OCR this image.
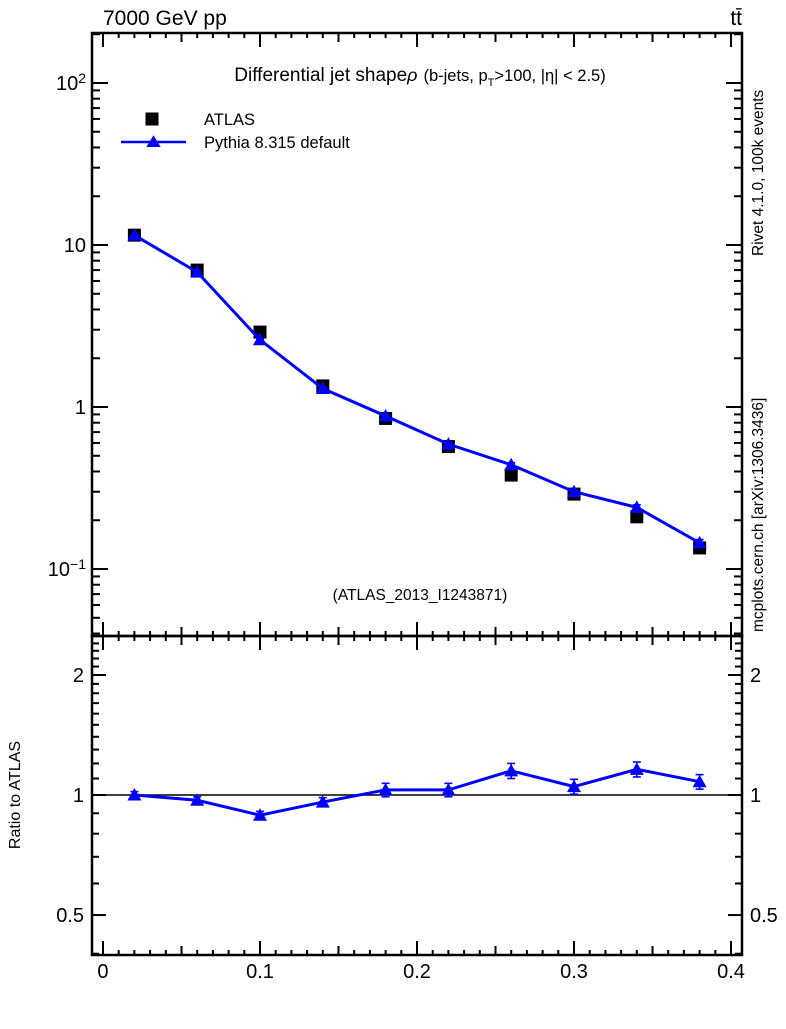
7000 GeV pp	tt̄
0	0.1	0.2	0.3	0.4
$10^2$
10
1
$10^{-1}$
2	2
1	1
0.5	0.5
Differential jet shapeρ (b-jets, $p_T>100$, |η| < 2.5)
ATLAS
Pythia 8.315 default
(ATLAS_2013_I1243871)
Rivet 4.1.0, 100k events
mcplots.cern.ch [arXiv:1306.3436]
Ratio to ATLAS
